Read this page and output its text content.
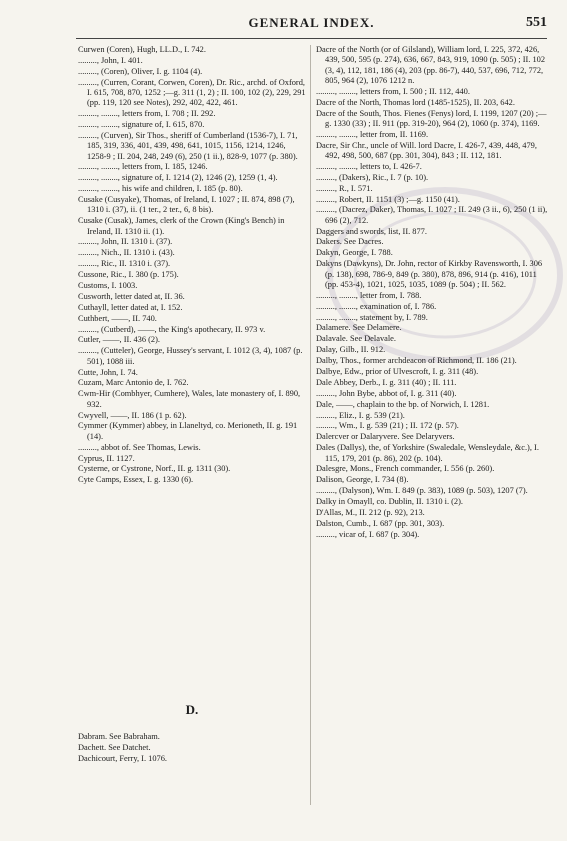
GENERAL INDEX.	551

Curwen (Coren), Hugh, LL.D., I. 742.

........., John, I. 401.

........., (Coren), Oliver, I. g. 1104 (4).

........., (Curren, Corant, Corwen, Coren), Dr. Ric., archd. of Oxford, I. 615, 708, 870, 1252 ;—g. 311 (1, 2) ; II. 100, 102 (2), 229, 291 (pp. 119, 120 see Notes), 292, 402, 422, 461.

........., ........, letters from, I. 708 ; II. 292.

........., ........, signature of, I. 615, 870.

........., (Curven), Sir Thos., sheriff of Cumberland (1536-7), I. 71, 185, 319, 336, 401, 439, 498, 641, 1015, 1156, 1214, 1246, 1258-9 ; II. 204, 248, 249 (6), 250 (1 ii.), 828-9, 1077 (p. 380).

........., ........, letters from, I. 185, 1246.

........., ........, signature of, I. 1214 (2), 1246 (2), 1259 (1, 4).

........., ........, his wife and children, I. 185 (p. 80).

Cusake (Cusyake), Thomas, of Ireland, I. 1027 ; II. 874, 898 (7), 1310 i. (37), ii. (1 ter., 2 ter., 6, 8 bis).

Cusake (Cusak), James, clerk of the Crown (King's Bench) in Ireland, II. 1310 ii. (1).

........., John, II. 1310 i. (37).

........., Nich., II. 1310 i. (43).

........., Ric., II. 1310 i. (37).

Cussone, Ric., I. 380 (p. 175).

Customs, I. 1003.

Cusworth, letter dated at, II. 36.

Cuthayll, letter dated at, I. 152.

Cuthbert, ——, II. 740.

........., (Cutberd), ——, the King's apothecary, II. 973 v.

Cutler, ——, II. 436 (2).

........., (Cutteler), George, Hussey's servant, I. 1012 (3, 4), 1087 (p. 501), 1088 iii.

Cutte, John, I. 74.

Cuzam, Marc Antonio de, I. 762.

Cwm-Hir (Combhyer, Cumhere), Wales, late monastery of, I. 890, 932.

Cwyvell, ——, II. 186 (1 p. 62).

Cymmer (Kymmer) abbey, in Llaneltyd, co. Merioneth, II. g. 191 (14).

........., abbot of. See Thomas, Lewis.

Cyprus, II. 1127.

Cysterne, or Cystrone, Norf., II. g. 1311 (30).

Cyte Camps, Essex, I. g. 1330 (6).

D.

Dabram. See Babraham.

Dachett. See Datchet.

Dachicourt, Ferry, I. 1076.

Dacre of the North (or of Gilsland), William lord, I. 225, 372, 426, 439, 500, 595 (p. 274), 636, 667, 843, 919, 1090 (p. 505) ; II. 102 (3, 4), 112, 181, 186 (4), 203 (pp. 86-7), 440, 537, 696, 712, 772, 805, 964 (2), 1076 1212 n.

........., ........, letters from, I. 500 ; II. 112, 440.

Dacre of the North, Thomas lord (1485-1525), II. 203, 642.

Dacre of the South, Thos. Fienes (Fenys) lord, I. 1199, 1207 (20) ;—g. 1330 (33) ; II. 911 (pp. 319-20), 964 (2), 1060 (p. 374), 1169.

........., ........, letter from, II. 1169.

Dacre, Sir Chr., uncle of Will. lord Dacre, I. 426-7, 439, 448, 479, 492, 498, 500, 687 (pp. 301, 304), 843 ; II. 112, 181.

........., ........, letters to, I. 426-7.

........., (Dakers), Ric., I. 7 (p. 10).

........., R., I. 571.

........., Robert, II. 1151 (3) ;—g. 1150 (41).

........., (Dacrez, Daker), Thomas, I. 1027 ; II. 249 (3 ii., 6), 250 (1 ii), 696 (2), 712.

Daggers and swords, list, II. 877.

Dakers. See Dacres.

Dakyn, George, I. 788.

Dakyns (Dawkyns), Dr. John, rector of Kirkby Ravensworth, I. 306 (p. 138), 698, 786-9, 849 (p. 380), 878, 896, 914 (p. 416), 1011 (pp. 453-4), 1021, 1025, 1035, 1089 (p. 504) ; II. 562.

........., ........, letter from, I. 788.

........., ........, examination of, I. 786.

........., ........, statement by, I. 789.

Dalamere. See Delamere.

Dalavale. See Delavale.

Dalay, Gilb., II. 912.

Dalby, Thos., former archdeacon of Richmond, II. 186 (21).

Dalbye, Edw., prior of Ulvescroft, I. g. 311 (48).

Dale Abbey, Derb., I. g. 311 (40) ; II. 111.

........., John Bybe, abbot of, I. g. 311 (40).

Dale, ——, chaplain to the bp. of Norwich, I. 1281.

........., Eliz., I. g. 539 (21).

........., Wm., I. g. 539 (21) ; II. 172 (p. 57).

Dalercver or Dalaryvere. See Delaryvers.

Dales (Dallys), the, of Yorkshire (Swaledale, Wensleydale, &c.), I. 115, 179, 201 (p. 86), 202 (p. 104).

Dalesgre, Mons., French commander, I. 556 (p. 260).

Dalison, George, I. 734 (8).

........., (Dalyson), Wm. I. 849 (p. 383), 1089 (p. 503), 1207 (7).

Dalky in Omayll, co. Dublin, II. 1310 i. (2).

D'Allas, M., II. 212 (p. 92), 213.

Dalston, Cumb., I. 687 (pp. 301, 303).

........., vicar of, I. 687 (p. 304).
